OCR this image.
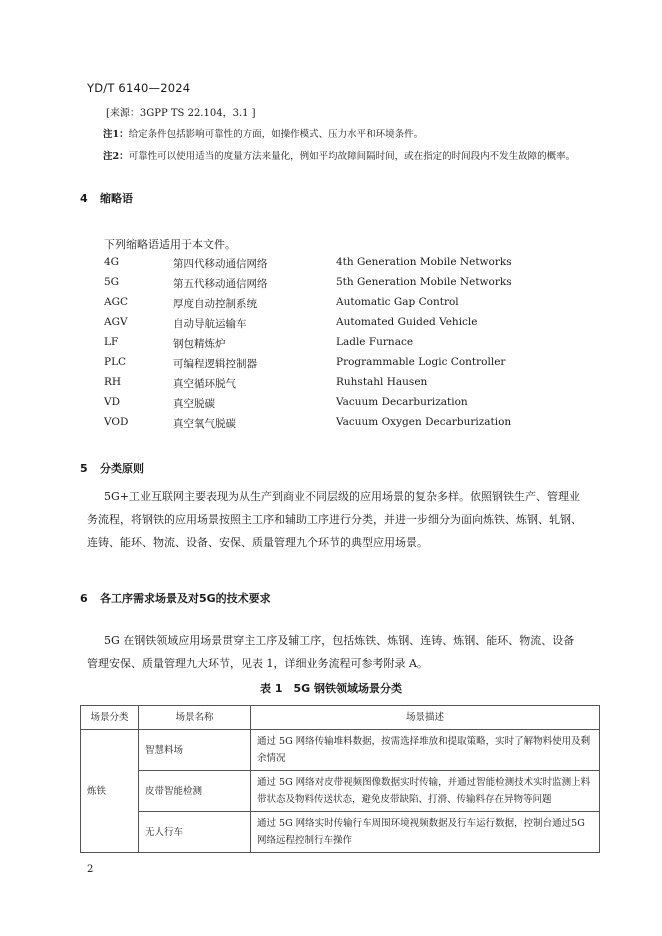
YD/T 6140—2024
[来源：3GPP TS 22.104，3.1 ]
注1：给定条件包括影响可靠性的方面，如操作模式、压力水平和环境条件。
注2：可靠性可以使用适当的度量方法来量化，例如平均故障间隔时间，或在指定的时间段内不发生故障的概率。
4 缩略语
下列缩略语适用于本文件。
4G	第四代移动通信网络	4th Generation Mobile Networks
5G	第五代移动通信网络	5th Generation Mobile Networks
AGC	厚度自动控制系统	Automatic Gap Control
AGV	自动导航运输车	Automated Guided Vehicle
LF	钢包精炼炉	Ladle Furnace
PLC	可编程逻辑控制器	Programmable Logic Controller
RH	真空循环脱气	Ruhstahl Hausen
VD	真空脱碳	Vacuum Decarburization
VOD	真空氧气脱碳	Vacuum Oxygen Decarburization
5 分类原则
5G+工业互联网主要表现为从生产到商业不同层级的应用场景的复杂多样。依照钢铁生产、管理业务流程，将钢铁的应用场景按照主工序和辅助工序进行分类，并进一步细分为面向炼铁、炼钢、轧钢、连铸、能环、物流、设备、安保、质量管理九个环节的典型应用场景。
6 各工序需求场景及对5G的技术要求
5G 在钢铁领域应用场景贯穿主工序及辅工序，包括炼铁、炼钢、连铸、炼钢、能环、物流、设备管理安保、质量管理九大环节，见表 1，详细业务流程可参考附录 A。
表 1　5G 钢铁领域场景分类
场景分类	场景名称	场景描述
炼铁	智慧料场	通过 5G 网络传输堆料数据，按需选择堆放和提取策略，实时了解物料使用及剩余情况
	皮带智能检测	通过 5G 网络对皮带视频图像数据实时传输，并通过智能检测技术实时监测上料带状态及物料传送状态，避免皮带缺陷、打滑、传输料存在异物等问题
	无人行车	通过 5G 网络实时传输行车周围环境视频数据及行车运行数据，控制台通过5G 网络远程控制行车操作
2
